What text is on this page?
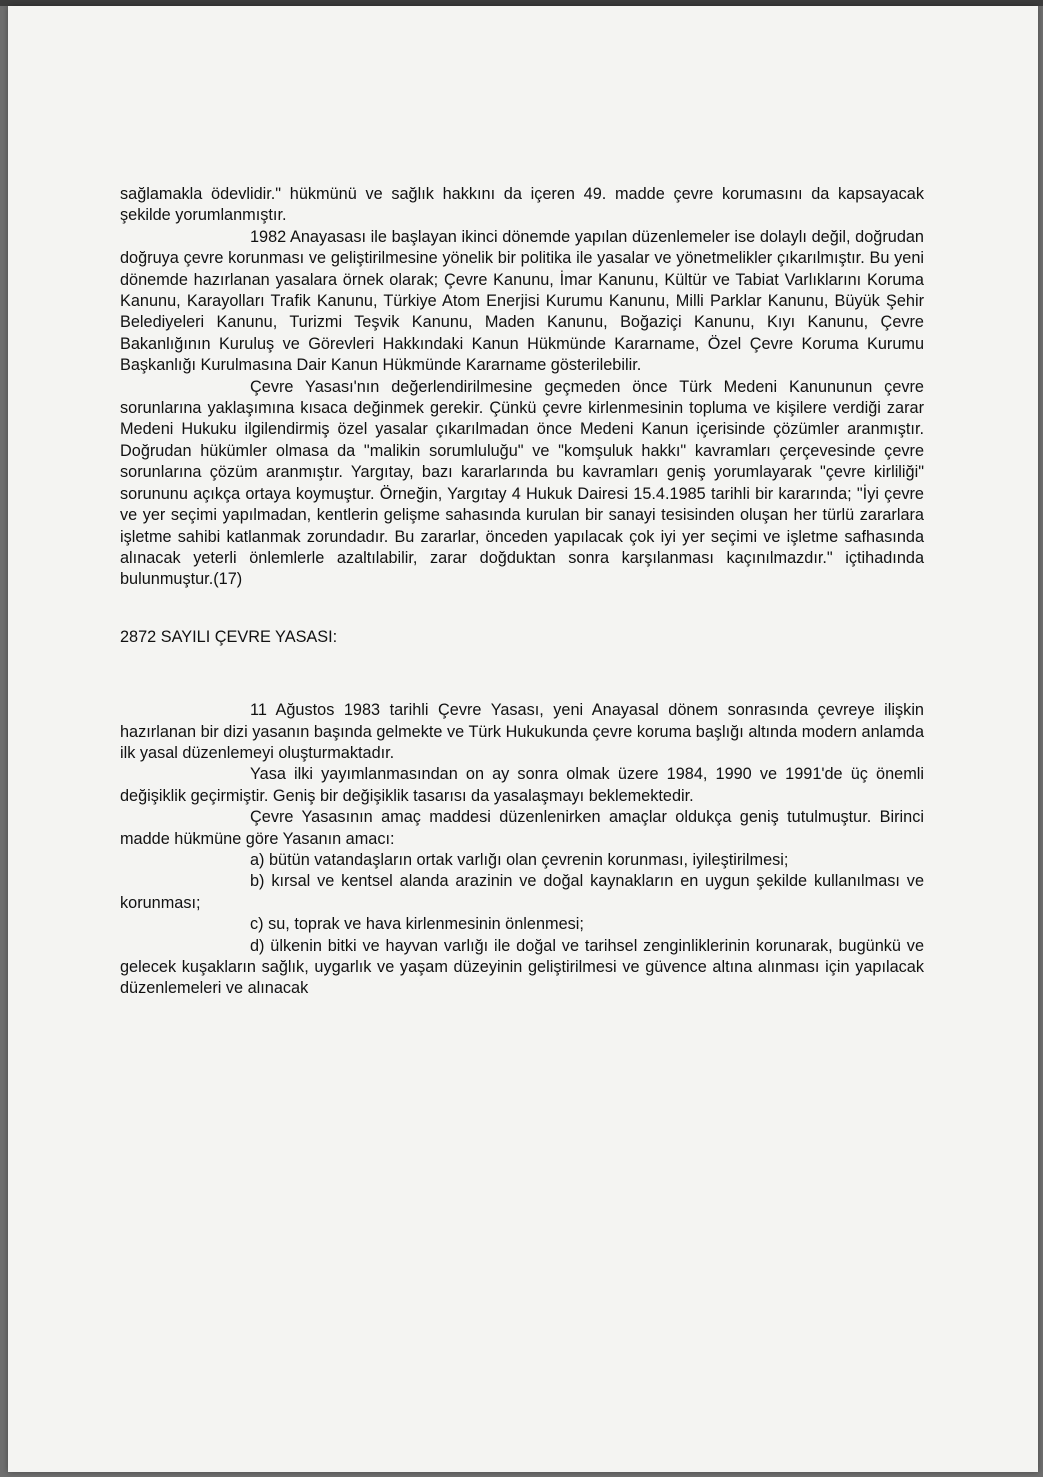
sağlamakla ödevlidir." hükmünü ve sağlık hakkını da içeren 49. madde çevre korumasını da kapsayacak şekilde yorumlanmıştır.

1982 Anayasası ile başlayan ikinci dönemde yapılan düzenlemeler ise dolaylı değil, doğrudan doğruya çevre korunması ve geliştirilmesine yönelik bir politika ile yasalar ve yönetmelikler çıkarılmıştır. Bu yeni dönemde hazırlanan yasalara örnek olarak; Çevre Kanunu, İmar Kanunu, Kültür ve Tabiat Varlıklarını Koruma Kanunu, Karayolları Trafik Kanunu, Türkiye Atom Enerjisi Kurumu Kanunu, Milli Parklar Kanunu, Büyük Şehir Belediyeleri Kanunu, Turizmi Teşvik Kanunu, Maden Kanunu, Boğaziçi Kanunu, Kıyı Kanunu, Çevre Bakanlığının Kuruluş ve Görevleri Hakkındaki Kanun Hükmünde Kararname, Özel Çevre Koruma Kurumu Başkanlığı Kurulmasına Dair Kanun Hükmünde Kararname gösterilebilir.

Çevre Yasası'nın değerlendirilmesine geçmeden önce Türk Medeni Kanununun çevre sorunlarına yaklaşımına kısaca değinmek gerekir. Çünkü çevre kirlenmesinin topluma ve kişilere verdiği zarar Medeni Hukuku ilgilendirmiş özel yasalar çıkarılmadan önce Medeni Kanun içerisinde çözümler aranmıştır. Doğrudan hükümler olmasa da "malikin sorumluluğu" ve "komşuluk hakkı" kavramları çerçevesinde çevre sorunlarına çözüm aranmıştır. Yargıtay, bazı kararlarında bu kavramları geniş yorumlayarak "çevre kirliliği" sorununu açıkça ortaya koymuştur. Örneğin, Yargıtay 4 Hukuk Dairesi 15.4.1985 tarihli bir kararında; "İyi çevre ve yer seçimi yapılmadan, kentlerin gelişme sahasında kurulan bir sanayi tesisinden oluşan her türlü zararlara işletme sahibi katlanmak zorundadır. Bu zararlar, önceden yapılacak çok iyi yer seçimi ve işletme safhasında alınacak yeterli önlemlerle azaltılabilir, zarar doğduktan sonra karşılanması kaçınılmazdır." içtihadında bulunmuştur.(17)

2872 SAYILI ÇEVRE YASASI:

11 Ağustos 1983 tarihli Çevre Yasası, yeni Anayasal dönem sonrasında çevreye ilişkin hazırlanan bir dizi yasanın başında gelmekte ve Türk Hukukunda çevre koruma başlığı altında modern anlamda ilk yasal düzenlemeyi oluşturmaktadır.

Yasa ilki yayımlanmasından on ay sonra olmak üzere 1984, 1990 ve 1991'de üç önemli değişiklik geçirmiştir. Geniş bir değişiklik tasarısı da yasalaşmayı beklemektedir.

Çevre Yasasının amaç maddesi düzenlenirken amaçlar oldukça geniş tutulmuştur. Birinci madde hükmüne göre Yasanın amacı:

a) bütün vatandaşların ortak varlığı olan çevrenin korunması, iyileştirilmesi;

b) kırsal ve kentsel alanda arazinin ve doğal kaynakların en uygun şekilde kullanılması ve korunması;

c) su, toprak ve hava kirlenmesinin önlenmesi;

d) ülkenin bitki ve hayvan varlığı ile doğal ve tarihsel zenginliklerinin korunarak, bugünkü ve gelecek kuşakların sağlık, uygarlık ve yaşam düzeyinin geliştirilmesi ve güvence altına alınması için yapılacak düzenlemeleri ve alınacak
